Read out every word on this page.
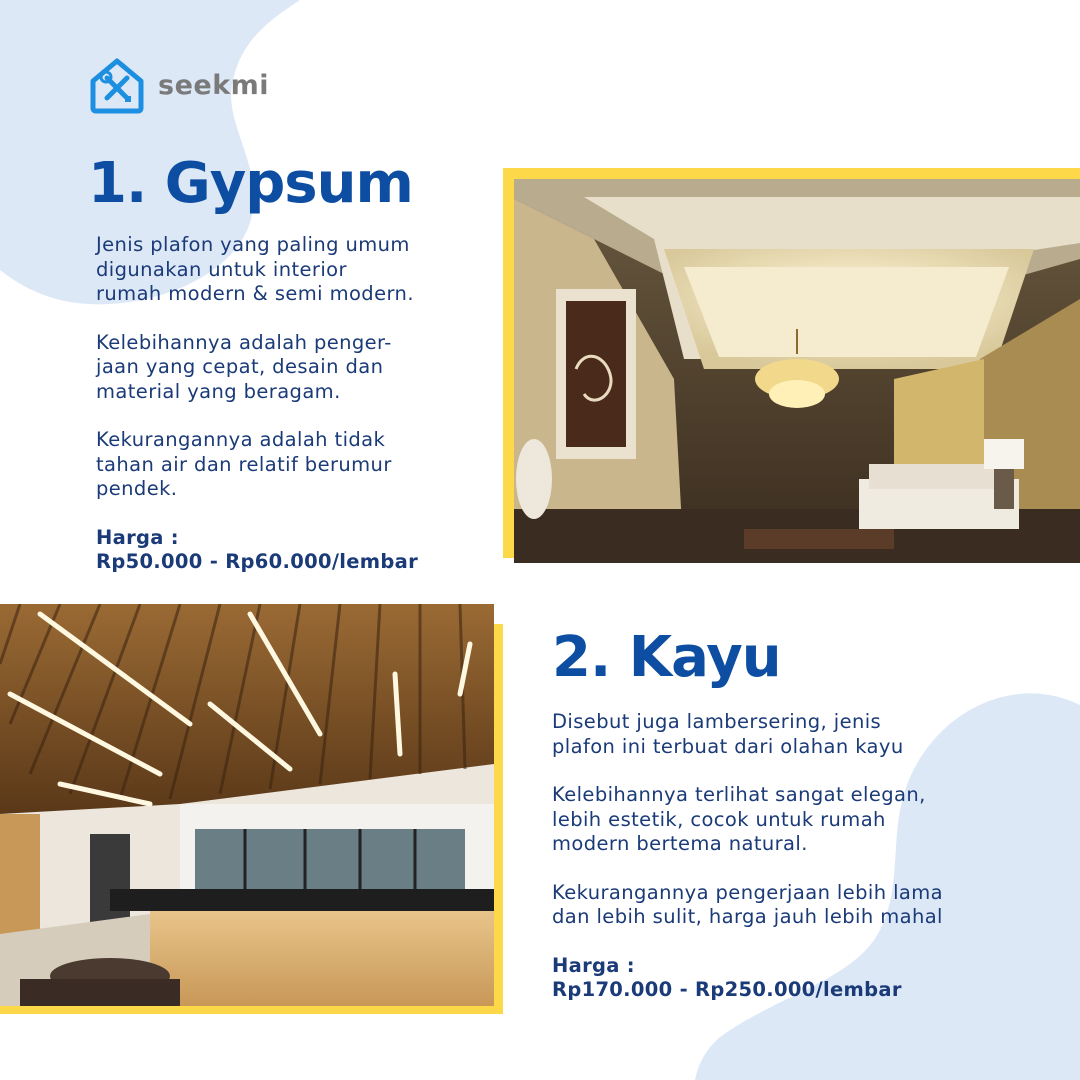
seekmi
1. Gypsum

Jenis plafon yang paling umum
digunakan untuk interior
rumah modern & semi modern.

Kelebihannya adalah penger-
jaan yang cepat, desain dan
material yang beragam.

Kekurangannya adalah tidak
tahan air dan relatif berumur
pendek.

Harga :
Rp50.000 - Rp60.000/lembar
2. Kayu

Disebut juga lambersering, jenis
plafon ini terbuat dari olahan kayu

Kelebihannya terlihat sangat elegan,
lebih estetik, cocok untuk rumah
modern bertema natural.

Kekurangannya pengerjaan lebih lama
dan lebih sulit, harga jauh lebih mahal

Harga :
Rp170.000 - Rp250.000/lembar
